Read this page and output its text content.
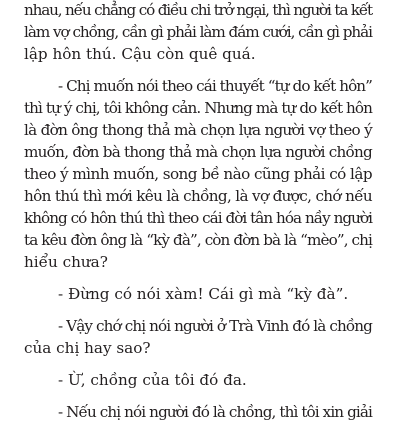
nhau, nếu chẳng có điều chi trở ngại, thì người ta kết
làm vợ chồng, cần gì phải làm đám cưới, cần gì phải
lập hôn thú. Cậu còn quê quá.
- Chị muốn nói theo cái thuyết “tự do kết hôn”
thì tự ý chị, tôi không cản. Nhưng mà tự do kết hôn
là đờn ông thong thả mà chọn lựa người vợ theo ý
muốn, đờn bà thong thả mà chọn lựa người chồng
theo ý mình muốn, song bề nào cũng phải có lập
hôn thú thì mới kêu là chồng, là vợ được, chớ nếu
không có hôn thú thì theo cái đời tân hóa nầy người
ta kêu đờn ông là “kỳ đà”, còn đờn bà là “mèo”, chị
hiểu chưa?
- Đừng có nói xàm! Cái gì mà “kỳ đà”.
- Vậy chớ chị nói người ở Trà Vinh đó là chồng
của chị hay sao?
- Ừ, chồng của tôi đó đa.
- Nếu chị nói người đó là chồng, thì tôi xin giải
